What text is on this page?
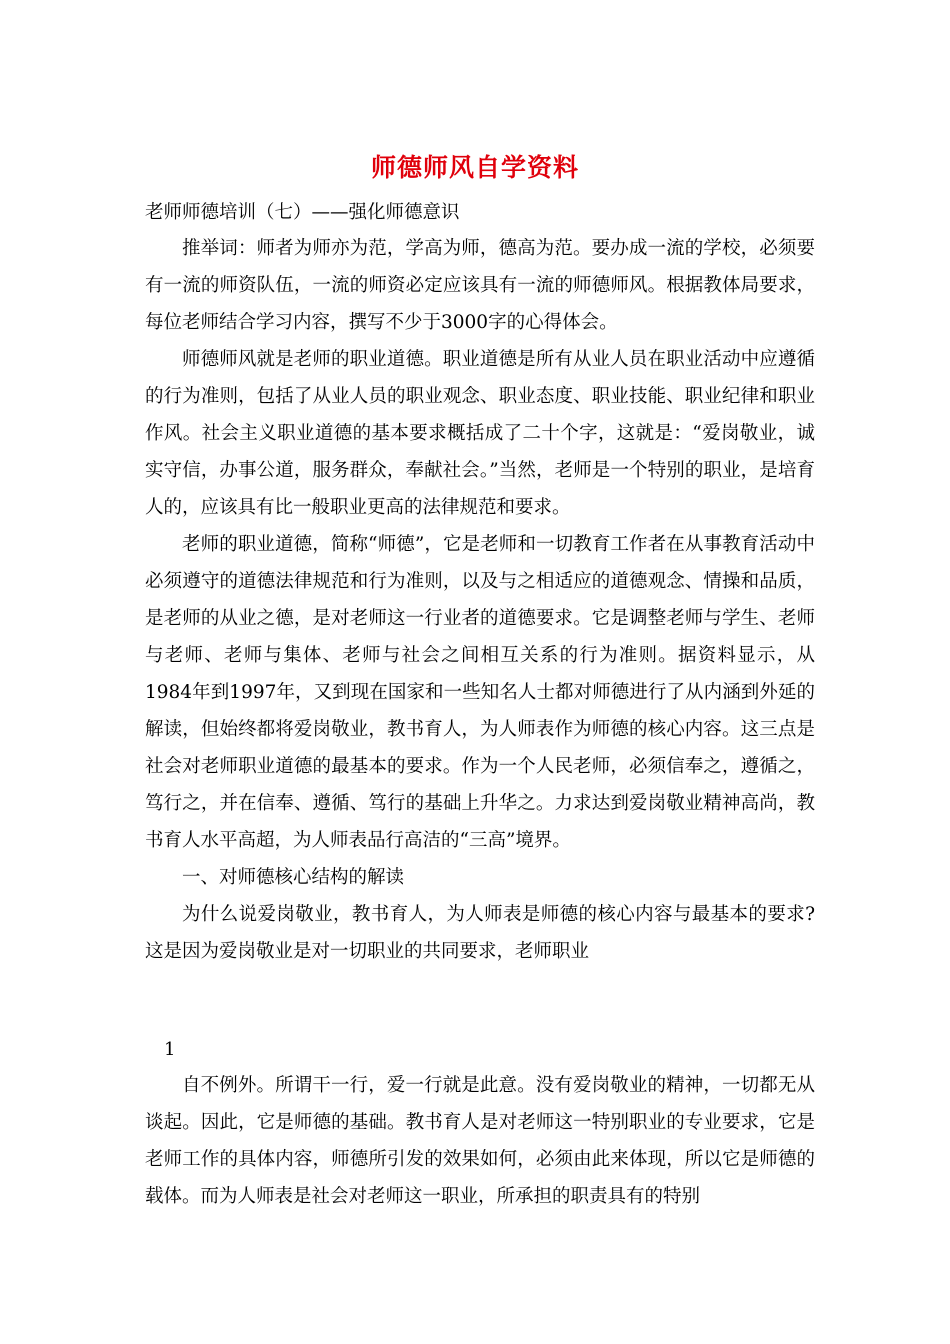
师德师风自学资料
老师师德培训（七）——强化师德意识

推举词：师者为师亦为范，学高为师，德高为范。要办成一流的学校，必须要有一流的师资队伍，一流的师资必定应该具有一流的师德师风。根据教体局要求，每位老师结合学习内容，撰写不少于3000字的心得体会。

师德师风就是老师的职业道德。职业道德是所有从业人员在职业活动中应遵循的行为准则，包括了从业人员的职业观念、职业态度、职业技能、职业纪律和职业作风。社会主义职业道德的基本要求概括成了二十个字，这就是：“爱岗敬业，诚实守信，办事公道，服务群众，奉献社会。”当然，老师是一个特别的职业，是培育人的，应该具有比一般职业更高的法律规范和要求。

老师的职业道德，简称“师德”，它是老师和一切教育工作者在从事教育活动中必须遵守的道德法律规范和行为准则，以及与之相适应的道德观念、情操和品质，是老师的从业之德，是对老师这一行业者的道德要求。它是调整老师与学生、老师与老师、老师与集体、老师与社会之间相互关系的行为准则。据资料显示，从1984年到1997年，又到现在国家和一些知名人士都对师德进行了从内涵到外延的解读，但始终都将爱岗敬业，教书育人，为人师表作为师德的核心内容。这三点是社会对老师职业道德的最基本的要求。作为一个人民老师，必须信奉之，遵循之，笃行之，并在信奉、遵循、笃行的基础上升华之。力求达到爱岗敬业精神高尚，教书育人水平高超，为人师表品行高洁的“三高”境界。

一、对师德核心结构的解读

为什么说爱岗敬业，教书育人，为人师表是师德的核心内容与最基本的要求?这是因为爱岗敬业是对一切职业的共同要求，老师职业

1

自不例外。所谓干一行，爱一行就是此意。没有爱岗敬业的精神，一切都无从谈起。因此，它是师德的基础。教书育人是对老师这一特别职业的专业要求，它是老师工作的具体内容，师德所引发的效果如何，必须由此来体现，所以它是师德的载体。而为人师表是社会对老师这一职业，所承担的职责具有的特别
